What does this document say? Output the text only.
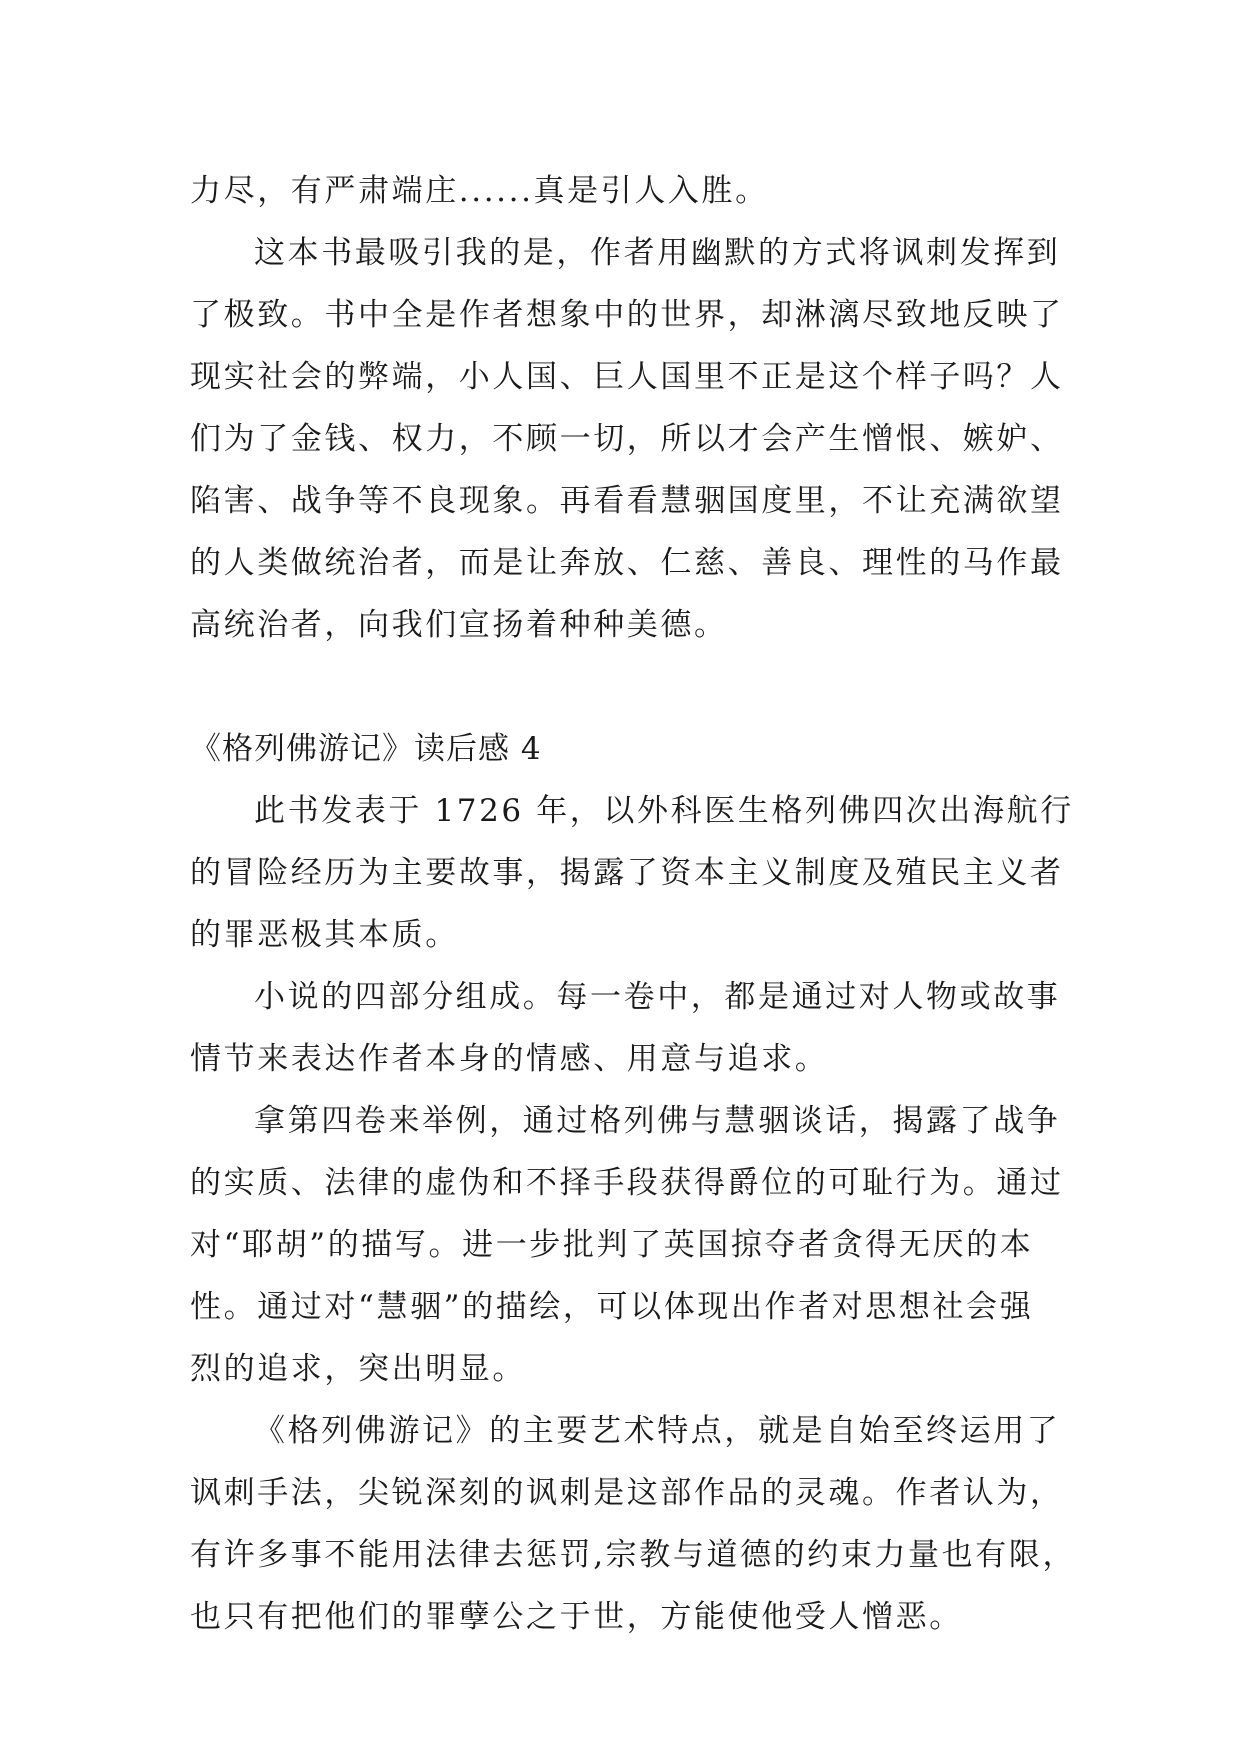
力尽，有严肃端庄......真是引人入胜。
这本书最吸引我的是，作者用幽默的方式将讽刺发挥到
了极致。书中全是作者想象中的世界，却淋漓尽致地反映了
现实社会的弊端，小人国、巨人国里不正是这个样子吗？人
们为了金钱、权力，不顾一切，所以才会产生憎恨、嫉妒、
陷害、战争等不良现象。再看看慧骃国度里，不让充满欲望
的人类做统治者，而是让奔放、仁慈、善良、理性的马作最
高统治者，向我们宣扬着种种美德。
《格列佛游记》读后感 4
此书发表于 1726 年，以外科医生格列佛四次出海航行
的冒险经历为主要故事，揭露了资本主义制度及殖民主义者
的罪恶极其本质。
小说的四部分组成。每一卷中，都是通过对人物或故事
情节来表达作者本身的情感、用意与追求。
拿第四卷来举例，通过格列佛与慧骃谈话，揭露了战争
的实质、法律的虚伪和不择手段获得爵位的可耻行为。通过
对“耶胡”的描写。进一步批判了英国掠夺者贪得无厌的本
性。通过对“慧骃”的描绘，可以体现出作者对思想社会强
烈的追求，突出明显。
《格列佛游记》的主要艺术特点，就是自始至终运用了
讽刺手法，尖锐深刻的讽刺是这部作品的灵魂。作者认为，
有许多事不能用法律去惩罚,宗教与道德的约束力量也有限，
也只有把他们的罪孽公之于世，方能使他受人憎恶。
